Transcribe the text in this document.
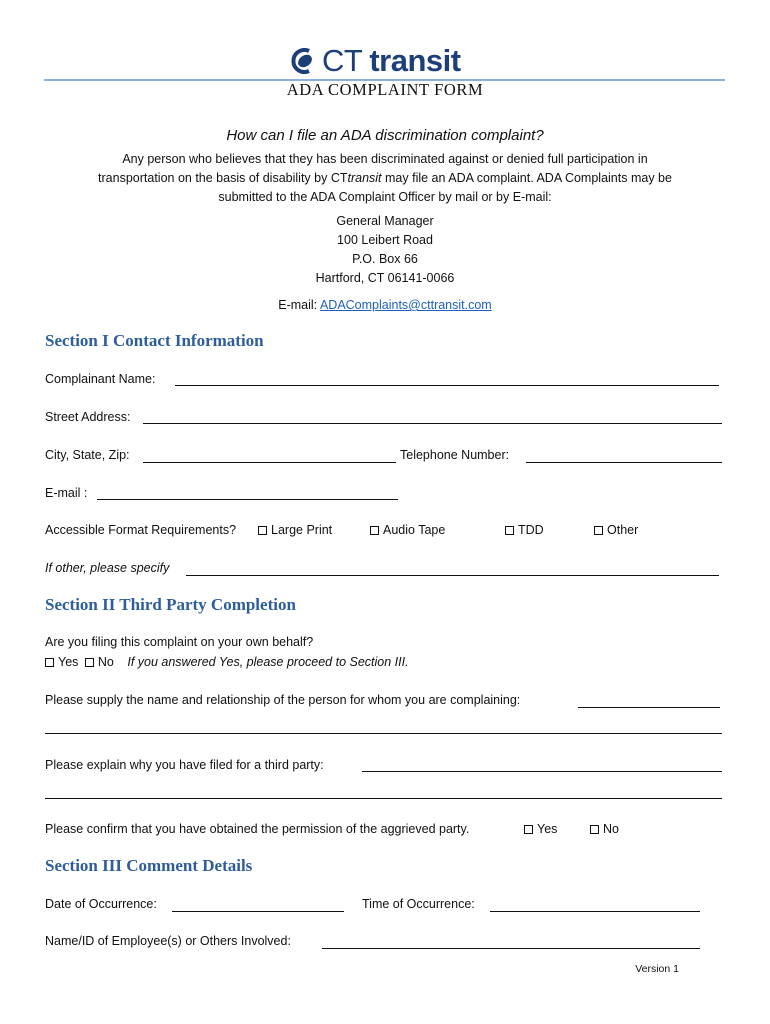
CT transit
ADA COMPLAINT FORM
How can I file an ADA discrimination complaint?
Any person who believes that they has been discriminated against or denied full participation in
transportation on the basis of disability by CTtransit may file an ADA complaint. ADA Complaints may be
submitted to the ADA Complaint Officer by mail or by E-mail:
General Manager
100 Leibert Road
P.O. Box 66
Hartford, CT 06141-0066
E-mail: ADAComplaints@cttransit.com
Section I Contact Information
Complainant Name:
Street Address:
City, State, Zip:	Telephone Number:
E-mail :
Accessible Format Requirements?	Large Print	Audio Tape	TDD	Other
If other, please specify
Section II Third Party Completion
Are you filing this complaint on your own behalf?
Yes No If you answered Yes, please proceed to Section III.
Please supply the name and relationship of the person for whom you are complaining:
Please explain why you have filed for a third party:
Please confirm that you have obtained the permission of the aggrieved party.	Yes	No
Section III Comment Details
Date of Occurrence:	Time of Occurrence:
Name/ID of Employee(s) or Others Involved:
Version 1
